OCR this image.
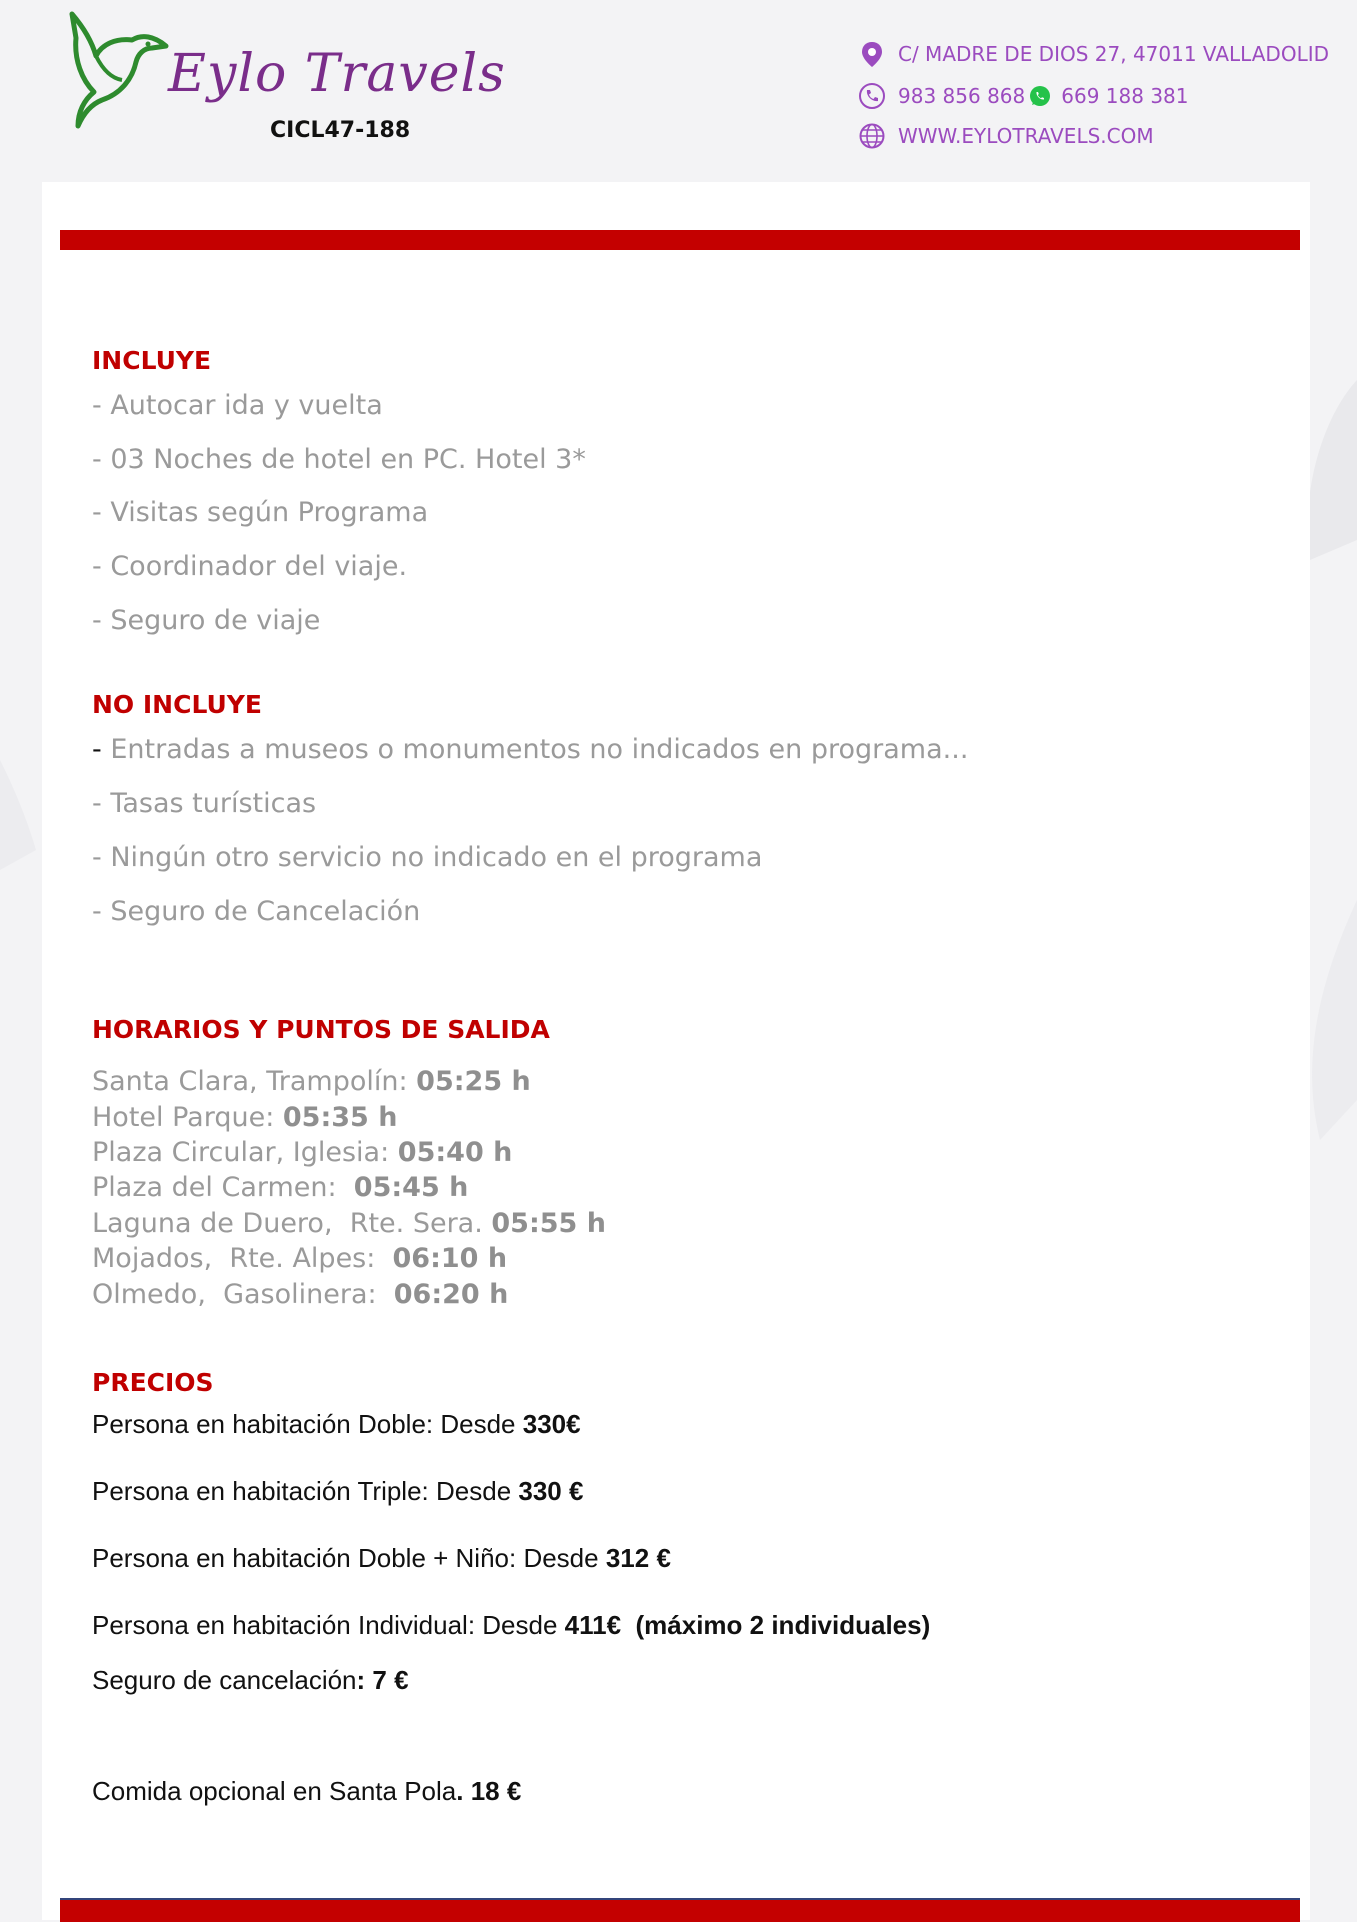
Eylo Travels
CICL47-188
C/ MADRE DE DIOS 27, 47011 VALLADOLID
983 856 868 669 188 381
WWW.EYLOTRAVELS.COM
INCLUYE
- Autocar ida y vuelta
- 03 Noches de hotel en PC. Hotel 3*
- Visitas según Programa
- Coordinador del viaje.
- Seguro de viaje
NO INCLUYE
- Entradas a museos o monumentos no indicados en programa...
- Tasas turísticas
- Ningún otro servicio no indicado en el programa
- Seguro de Cancelación
HORARIOS Y PUNTOS DE SALIDA
Santa Clara, Trampolín: 05:25 h
Hotel Parque: 05:35 h
Plaza Circular, Iglesia: 05:40 h
Plaza del Carmen:  05:45 h
Laguna de Duero,  Rte. Sera. 05:55 h
Mojados,  Rte. Alpes:  06:10 h
Olmedo,  Gasolinera:  06:20 h
PRECIOS
Persona en habitación Doble: Desde 330€
Persona en habitación Triple: Desde 330 €
Persona en habitación Doble + Niño: Desde 312 €
Persona en habitación Individual: Desde 411€  (máximo 2 individuales)
Seguro de cancelación: 7 €
Comida opcional en Santa Pola. 18 €
